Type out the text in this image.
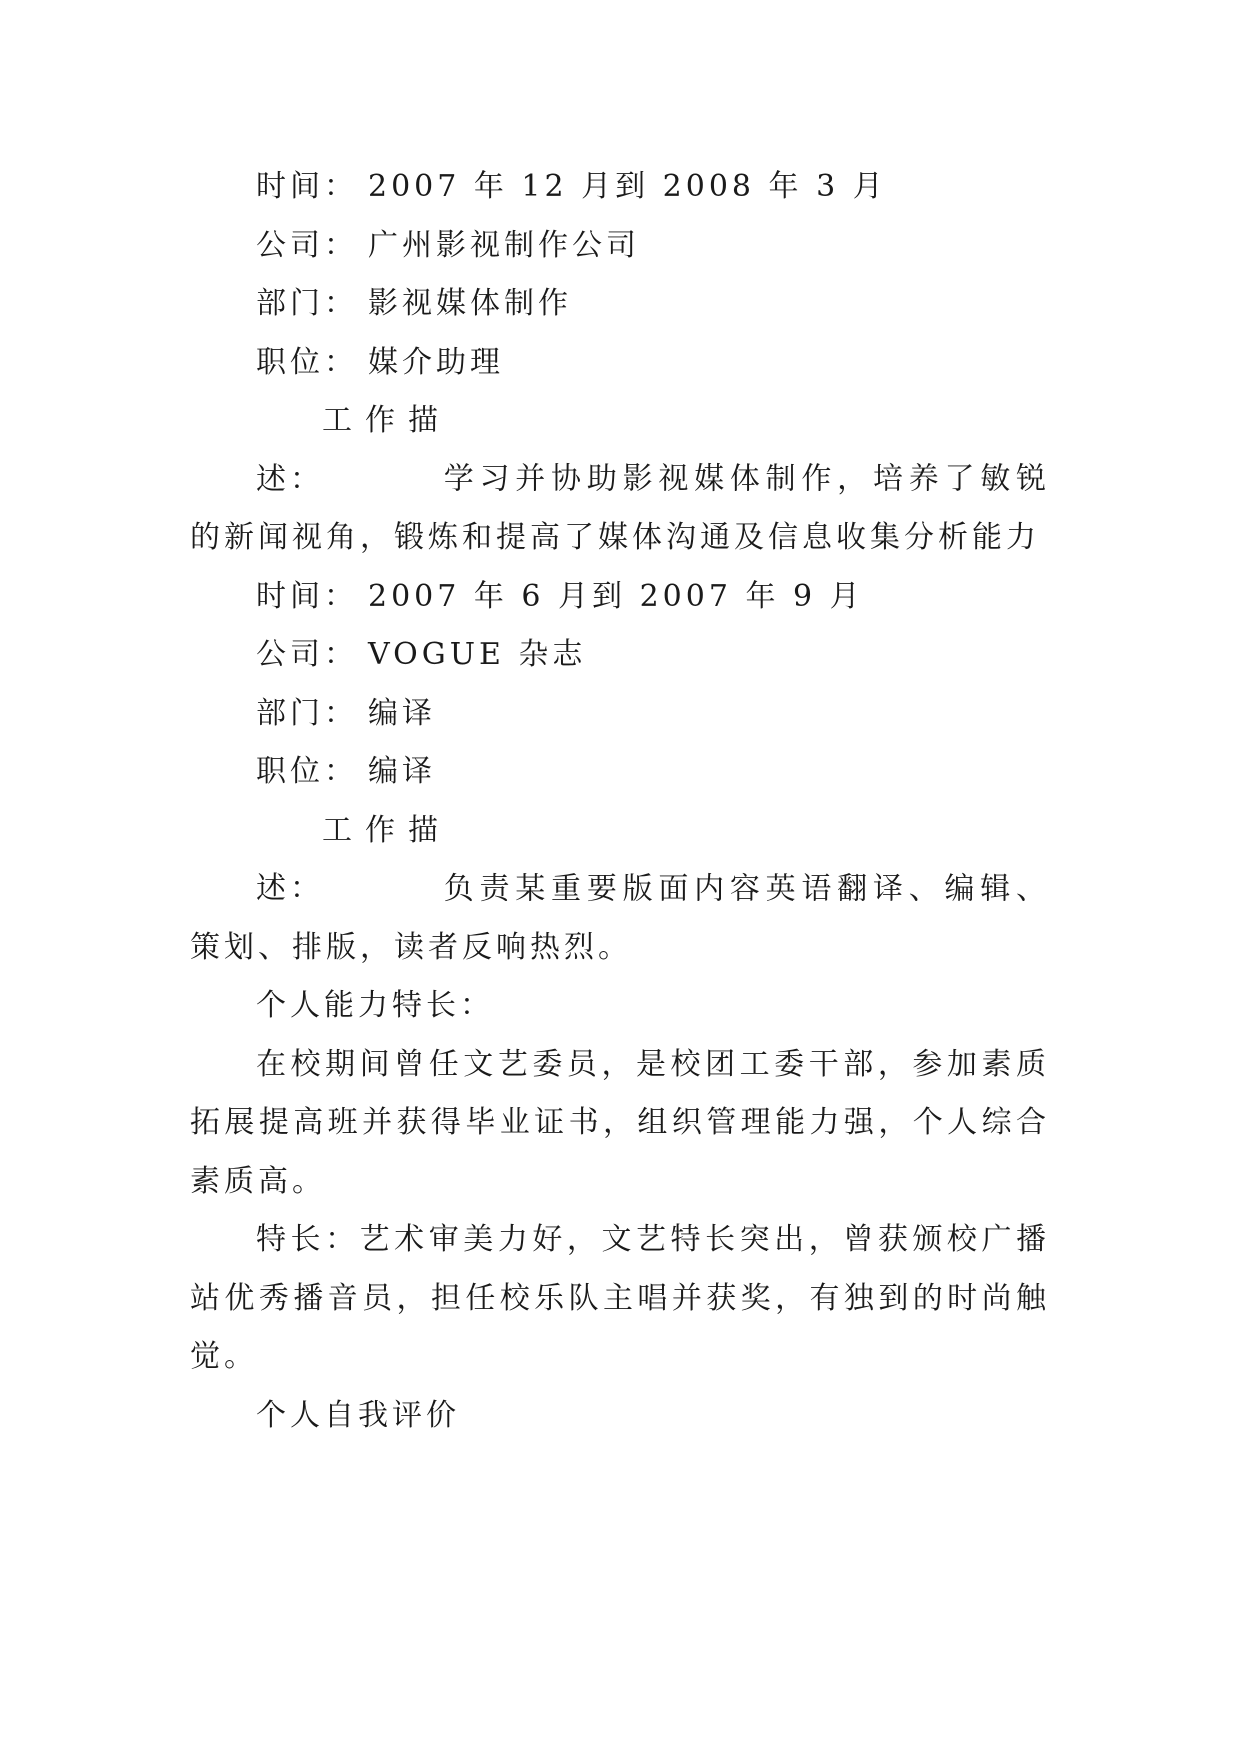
时间： 2007 年 12 月到 2008 年 3 月
公司： 广州影视制作公司
部门： 影视媒体制作
职位： 媒介助理
工作描述：	学习并协助影视媒体制作，培养了敏锐的新闻视角，锻炼和提高了媒体沟通及信息收集分析能力
时间： 2007 年 6 月到 2007 年 9 月
公司： VOGUE 杂志
部门： 编译
职位： 编译
工作描述：	负责某重要版面内容英语翻译、编辑、策划、排版，读者反响热烈。
个人能力特长：
在校期间曾任文艺委员，是校团工委干部，参加素质拓展提高班并获得毕业证书，组织管理能力强，个人综合素质高。
特长：艺术审美力好，文艺特长突出，曾获颁校广播站优秀播音员，担任校乐队主唱并获奖，有独到的时尚触觉。
个人自我评价
